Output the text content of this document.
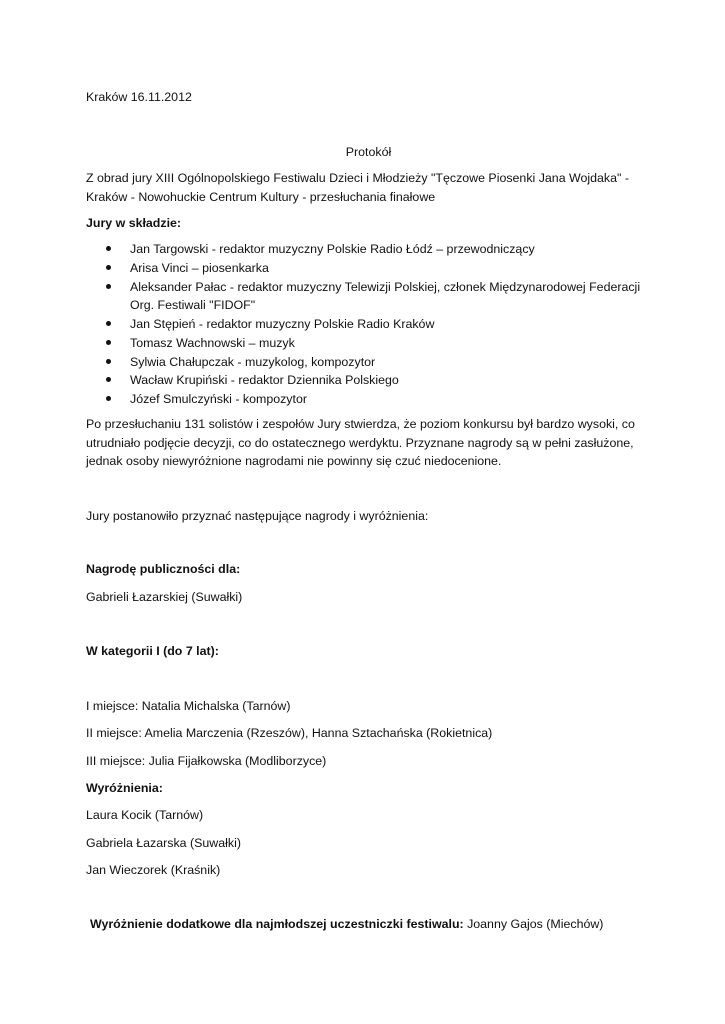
Kraków 16.11.2012
Protokół
Z obrad jury XIII Ogólnopolskiego Festiwalu Dzieci i Młodzieży "Tęczowe Piosenki Jana Wojdaka" -
Kraków - Nowohuckie Centrum Kultury - przesłuchania finałowe
Jury w składzie:
Jan Targowski - redaktor muzyczny Polskie Radio Łódź – przewodniczący
Arisa Vinci – piosenkarka
Aleksander Pałac - redaktor muzyczny Telewizji Polskiej, członek Międzynarodowej Federacji
Org. Festiwali "FIDOF"
Jan Stępień - redaktor muzyczny Polskie Radio Kraków
Tomasz Wachnowski – muzyk
Sylwia Chałupczak - muzykolog, kompozytor
Wacław Krupiński - redaktor Dziennika Polskiego
Józef Smulczyński - kompozytor
Po przesłuchaniu 131 solistów i zespołów Jury stwierdza, że poziom konkursu był bardzo wysoki, co
utrudniało podjęcie decyzji, co do ostatecznego werdyktu. Przyznane nagrody są w pełni zasłużone,
jednak osoby niewyróżnione nagrodami nie powinny się czuć niedocenione.
Jury postanowiło przyznać następujące nagrody i wyróżnienia:
Nagrodę publiczności dla:
Gabrieli Łazarskiej (Suwałki)
W kategorii I (do 7 lat):
I miejsce: Natalia Michalska (Tarnów)
II miejsce: Amelia Marczenia (Rzeszów), Hanna Sztachańska (Rokietnica)
III miejsce: Julia Fijałkowska (Modliborzyce)
Wyróżnienia:
Laura Kocik (Tarnów)
Gabriela Łazarska (Suwałki)
Jan Wieczorek (Kraśnik)
Wyróżnienie dodatkowe dla najmłodszej uczestniczki festiwalu: Joanny Gajos (Miechów)
